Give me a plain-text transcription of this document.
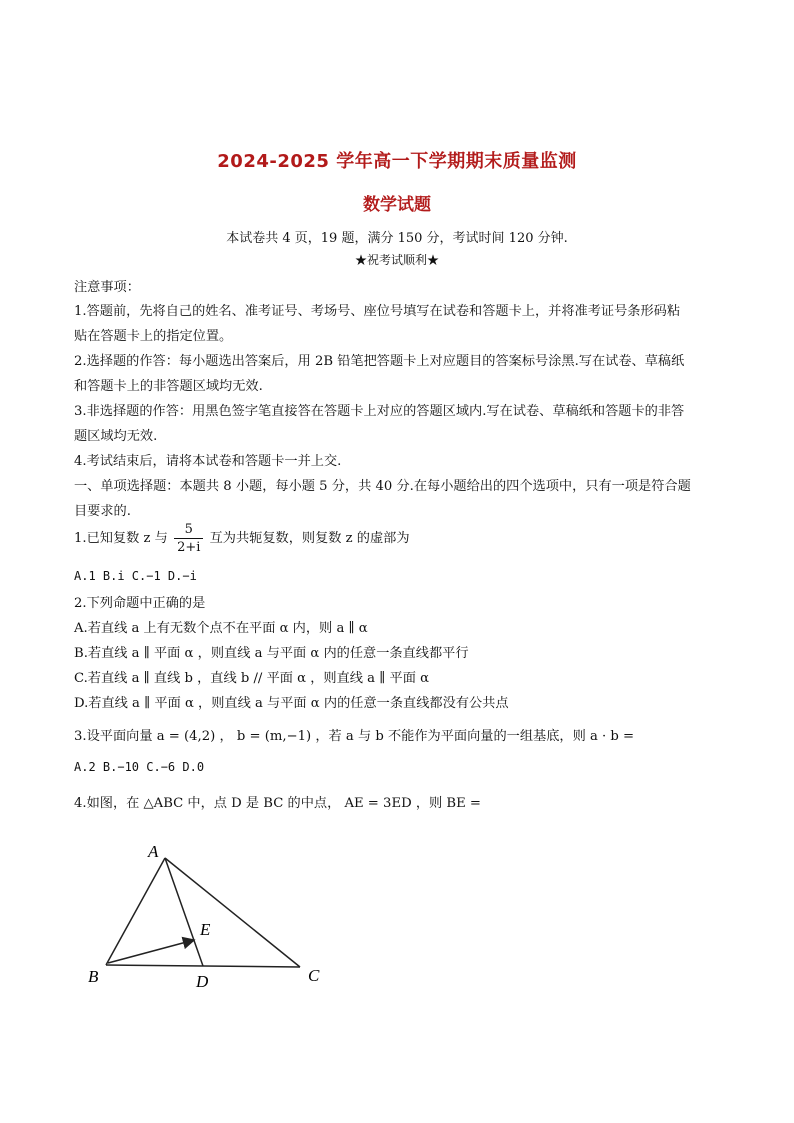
2024-2025 学年高一下学期期末质量监测
数学试题
本试卷共 4 页，19 题，满分 150 分，考试时间 120 分钟.
★祝考试顺利★
注意事项：
1.答题前，先将自己的姓名、准考证号、考场号、座位号填写在试卷和答题卡上，并将准考证号条形码粘
贴在答题卡上的指定位置。
2.选择题的作答：每小题选出答案后，用 2B 铅笔把答题卡上对应题目的答案标号涂黑.写在试卷、草稿纸
和答题卡上的非答题区域均无效.
3.非选择题的作答：用黑色签字笔直接答在答题卡上对应的答题区域内.写在试卷、草稿纸和答题卡的非答
题区域均无效.
4.考试结束后，请将本试卷和答题卡一并上交.
一、单项选择题：本题共 8 小题，每小题 5 分，共 40 分.在每小题给出的四个选项中，只有一项是符合题
目要求的.
1.已知复数 z 与 $\frac{5}{2+i}$ 互为共轭复数，则复数 z 的虚部为
A.1 B.i C.−1 D.−i
2.下列命题中正确的是
A.若直线 a 上有无数个点不在平面 α 内，则 a ∥ α
B.若直线 a ∥ 平面 α ，则直线 a 与平面 α 内的任意一条直线都平行
C.若直线 a ∥ 直线 b ，直线 b // 平面 α ，则直线 a ∥ 平面 α
D.若直线 a ∥ 平面 α ，则直线 a 与平面 α 内的任意一条直线都没有公共点
3.设平面向量 a = (4,2) ， b = (m,−1) ，若 a 与 b 不能作为平面向量的一组基底，则 a · b =
A.2 B.−10 C.−6 D.0
4.如图，在 △ABC 中，点 D 是 BC 的中点， AE = 3ED ，则 BE =
A
B	C
D
E
